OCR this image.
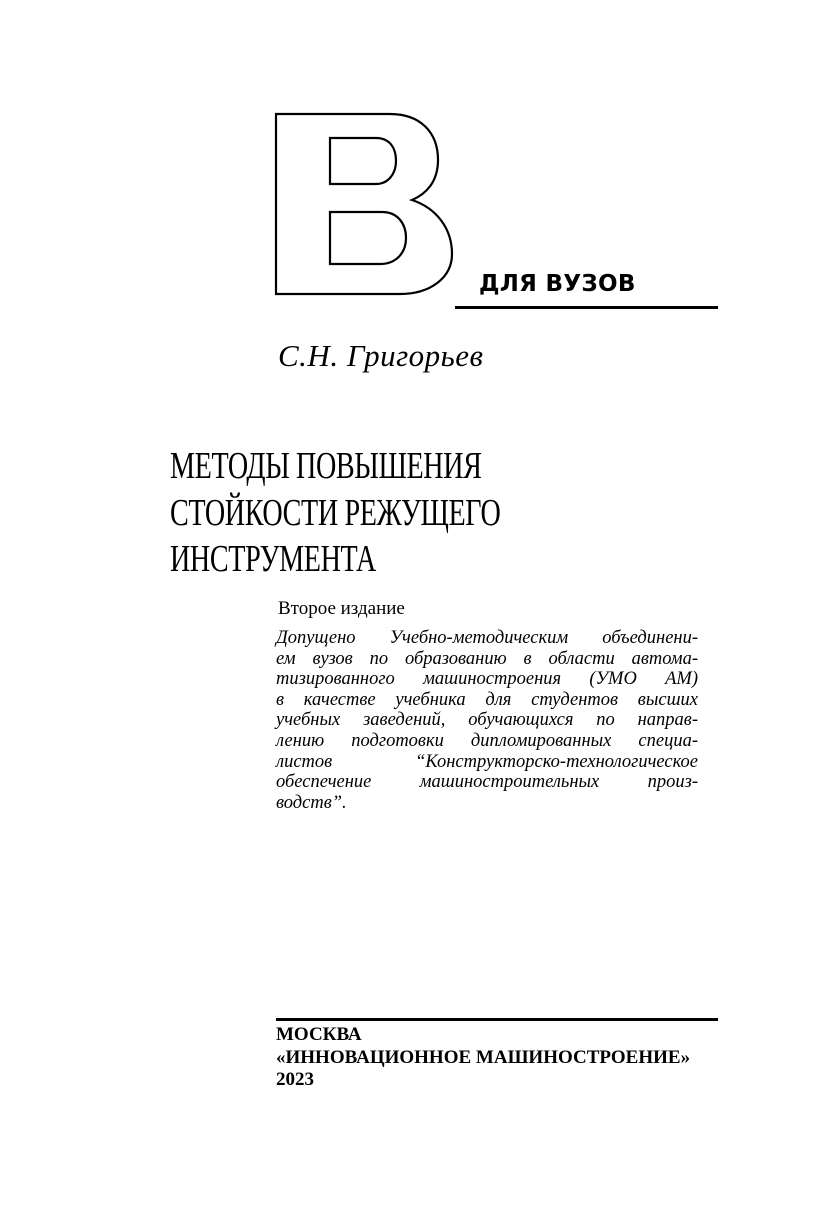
ДЛЯ ВУЗОВ
С.Н. Григорьев
МЕТОДЫ ПОВЫШЕНИЯ
СТОЙКОСТИ РЕЖУЩЕГО
ИНСТРУМЕНТА
Второе издание
Допущено Учебно-методическим объединени-
ем вузов по образованию в области автома-
тизированного машиностроения (УМО АМ)
в качестве учебника для студентов высших
учебных заведений, обучающихся по направ-
лению подготовки дипломированных специа-
листов “Конструкторско-технологическое
обеспечение машиностроительных произ-
водств”.
МОСКВА
«ИННОВАЦИОННОЕ МАШИНОСТРОЕНИЕ»
2023
